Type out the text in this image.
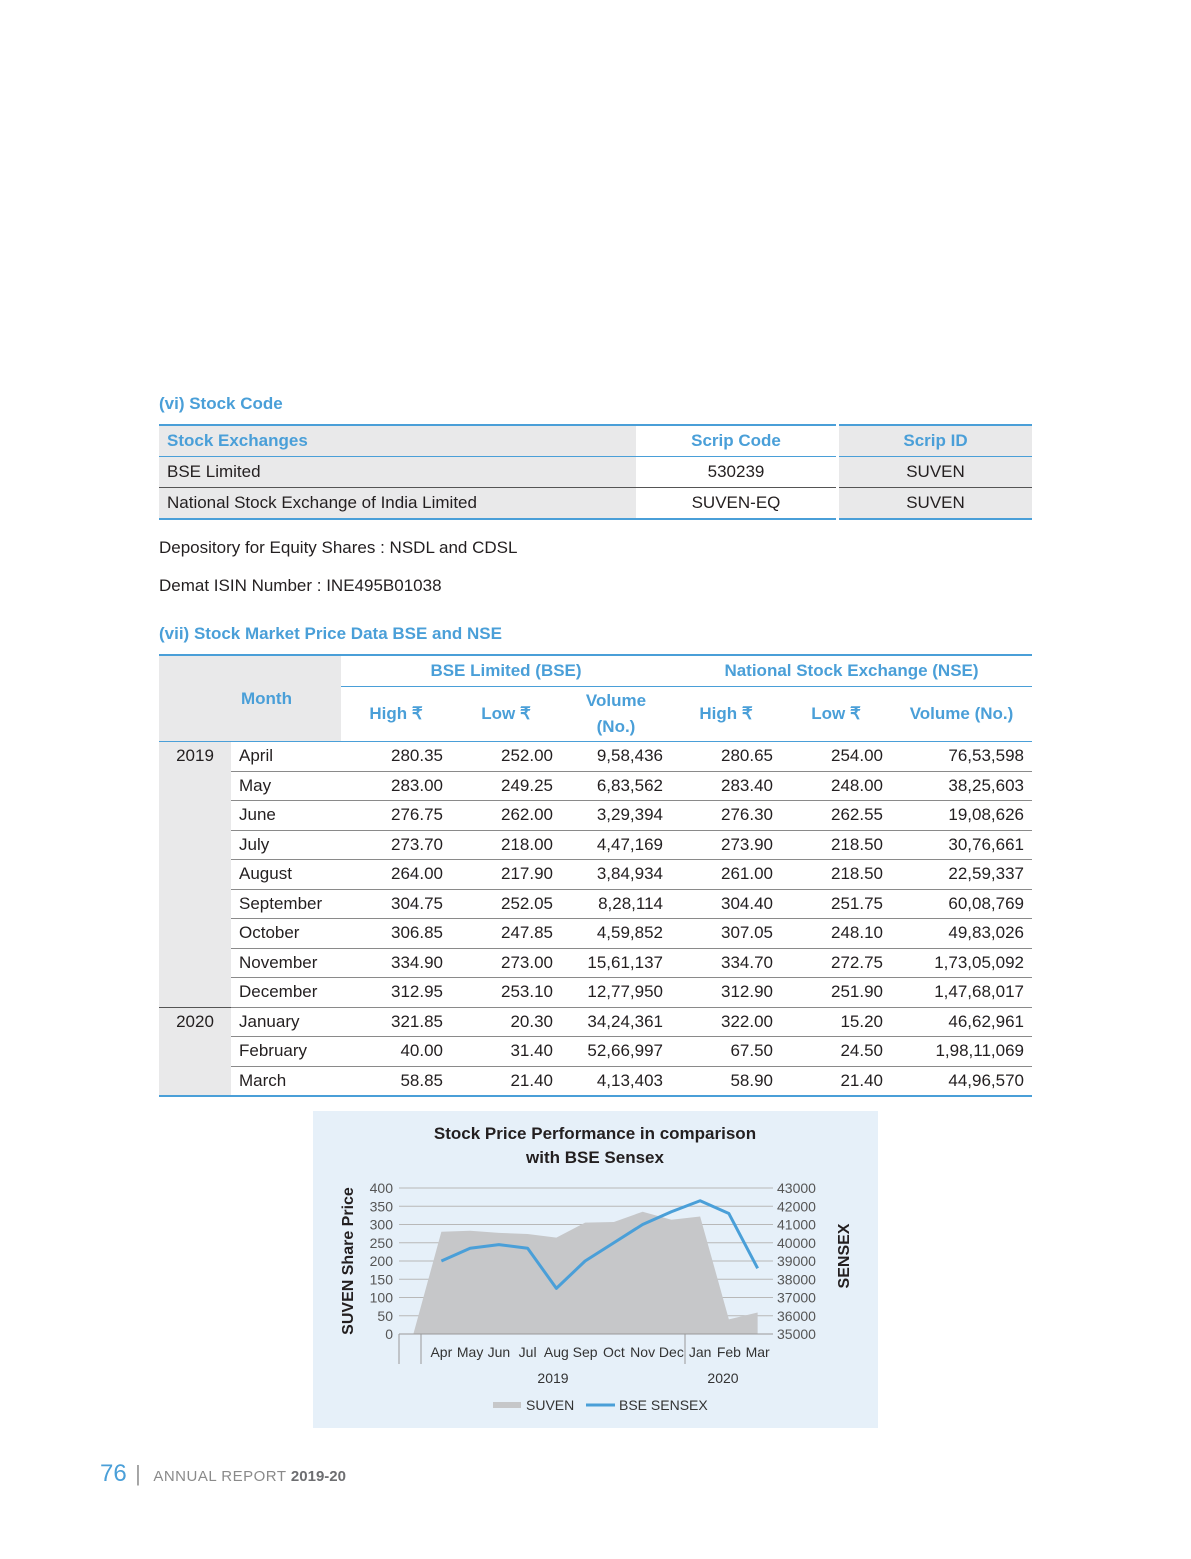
(vi) Stock Code
Stock Exchanges	Scrip Code	Scrip ID
BSE Limited	530239	SUVEN
National Stock Exchange of India Limited	SUVEN-EQ	SUVEN
Depository for Equity Shares : NSDL and CDSL
Demat ISIN Number : INE495B01038
(vii) Stock Market Price Data BSE and NSE
Month		BSE Limited (BSE)			National Stock Exchange (NSE)		
		High ₹	Low ₹	Volume (No.)	High ₹	Low ₹	Volume (No.)
2019	April	280.35	252.00	9,58,436	280.65	254.00	76,53,598
	May	283.00	249.25	6,83,562	283.40	248.00	38,25,603
	June	276.75	262.00	3,29,394	276.30	262.55	19,08,626
	July	273.70	218.00	4,47,169	273.90	218.50	30,76,661
	August	264.00	217.90	3,84,934	261.00	218.50	22,59,337
	September	304.75	252.05	8,28,114	304.40	251.75	60,08,769
	October	306.85	247.85	4,59,852	307.05	248.10	49,83,026
	November	334.90	273.00	15,61,137	334.70	272.75	1,73,05,092
	December	312.95	253.10	12,77,950	312.90	251.90	1,47,68,017
2020	January	321.85	20.30	34,24,361	322.00	15.20	46,62,961
	February	40.00	31.40	52,66,997	67.50	24.50	1,98,11,069
	March	58.85	21.40	4,13,403	58.90	21.40	44,96,570
Stock Price Performance in comparison
with BSE Sensex
0	35000
50	36000
100	37000
150	38000
200	39000
250	40000
300	41000
350	42000
400	43000
Apr May Jun Jul Aug Sep Oct Nov Dec Jan Feb Mar
2019	2020
SUVEN Share Price	SENSEX
SUVEN	BSE SENSEX
76 | ANNUAL REPORT 2019-20
